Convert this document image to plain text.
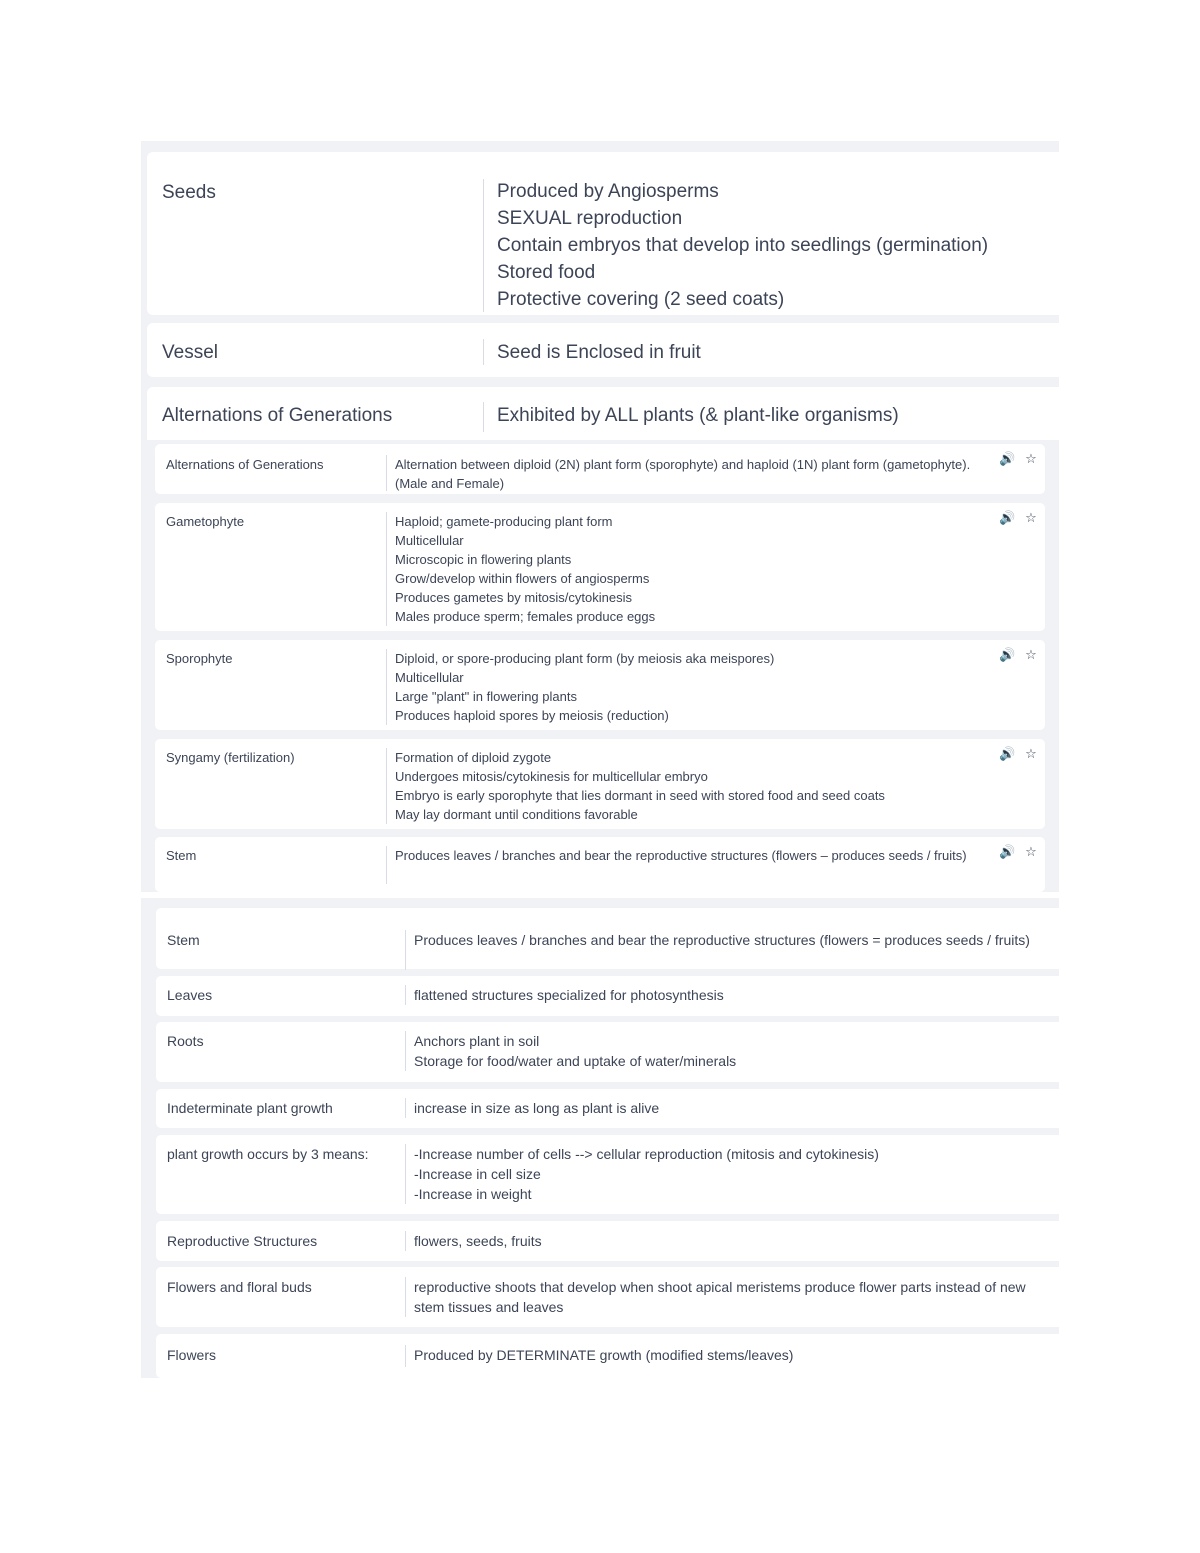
Seeds	Produced by Angiosperms
SEXUAL reproduction
Contain embryos that develop into seedlings (germination)
Stored food
Protective covering (2 seed coats)
Vessel	Seed is Enclosed in fruit
Alternations of Generations	Exhibited by ALL plants (& plant-like organisms)
Alternations of Generations	Alternation between diploid (2N) plant form (sporophyte) and haploid (1N) plant form (gametophyte). (Male and Female)
🔊 ☆
Gametophyte	Haploid; gamete-producing plant form
Multicellular
Microscopic in flowering plants
Grow/develop within flowers of angiosperms
Produces gametes by mitosis/cytokinesis
Males produce sperm; females produce eggs
🔊 ☆
Sporophyte	Diploid, or spore-producing plant form (by meiosis aka meispores)
Multicellular
Large "plant" in flowering plants
Produces haploid spores by meiosis (reduction)
🔊 ☆
Syngamy (fertilization)	Formation of diploid zygote
Undergoes mitosis/cytokinesis for multicellular embryo
Embryo is early sporophyte that lies dormant in seed with stored food and seed coats
May lay dormant until conditions favorable
🔊 ☆
Stem	Produces leaves / branches and bear the reproductive structures (flowers – produces seeds / fruits)	🔊 ☆
Stem	Produces leaves / branches and bear the reproductive structures (flowers = produces seeds / fruits)
Leaves	flattened structures specialized for photosynthesis
Roots	Anchors plant in soil
Storage for food/water and uptake of water/minerals
Indeterminate plant growth	increase in size as long as plant is alive
plant growth occurs by 3 means:	-Increase number of cells --> cellular reproduction (mitosis and cytokinesis)
-Increase in cell size
-Increase in weight
Reproductive Structures	flowers, seeds, fruits
Flowers and floral buds	reproductive shoots that develop when shoot apical meristems produce flower parts instead of new stem tissues and leaves
Flowers	Produced by DETERMINATE growth (modified stems/leaves)
